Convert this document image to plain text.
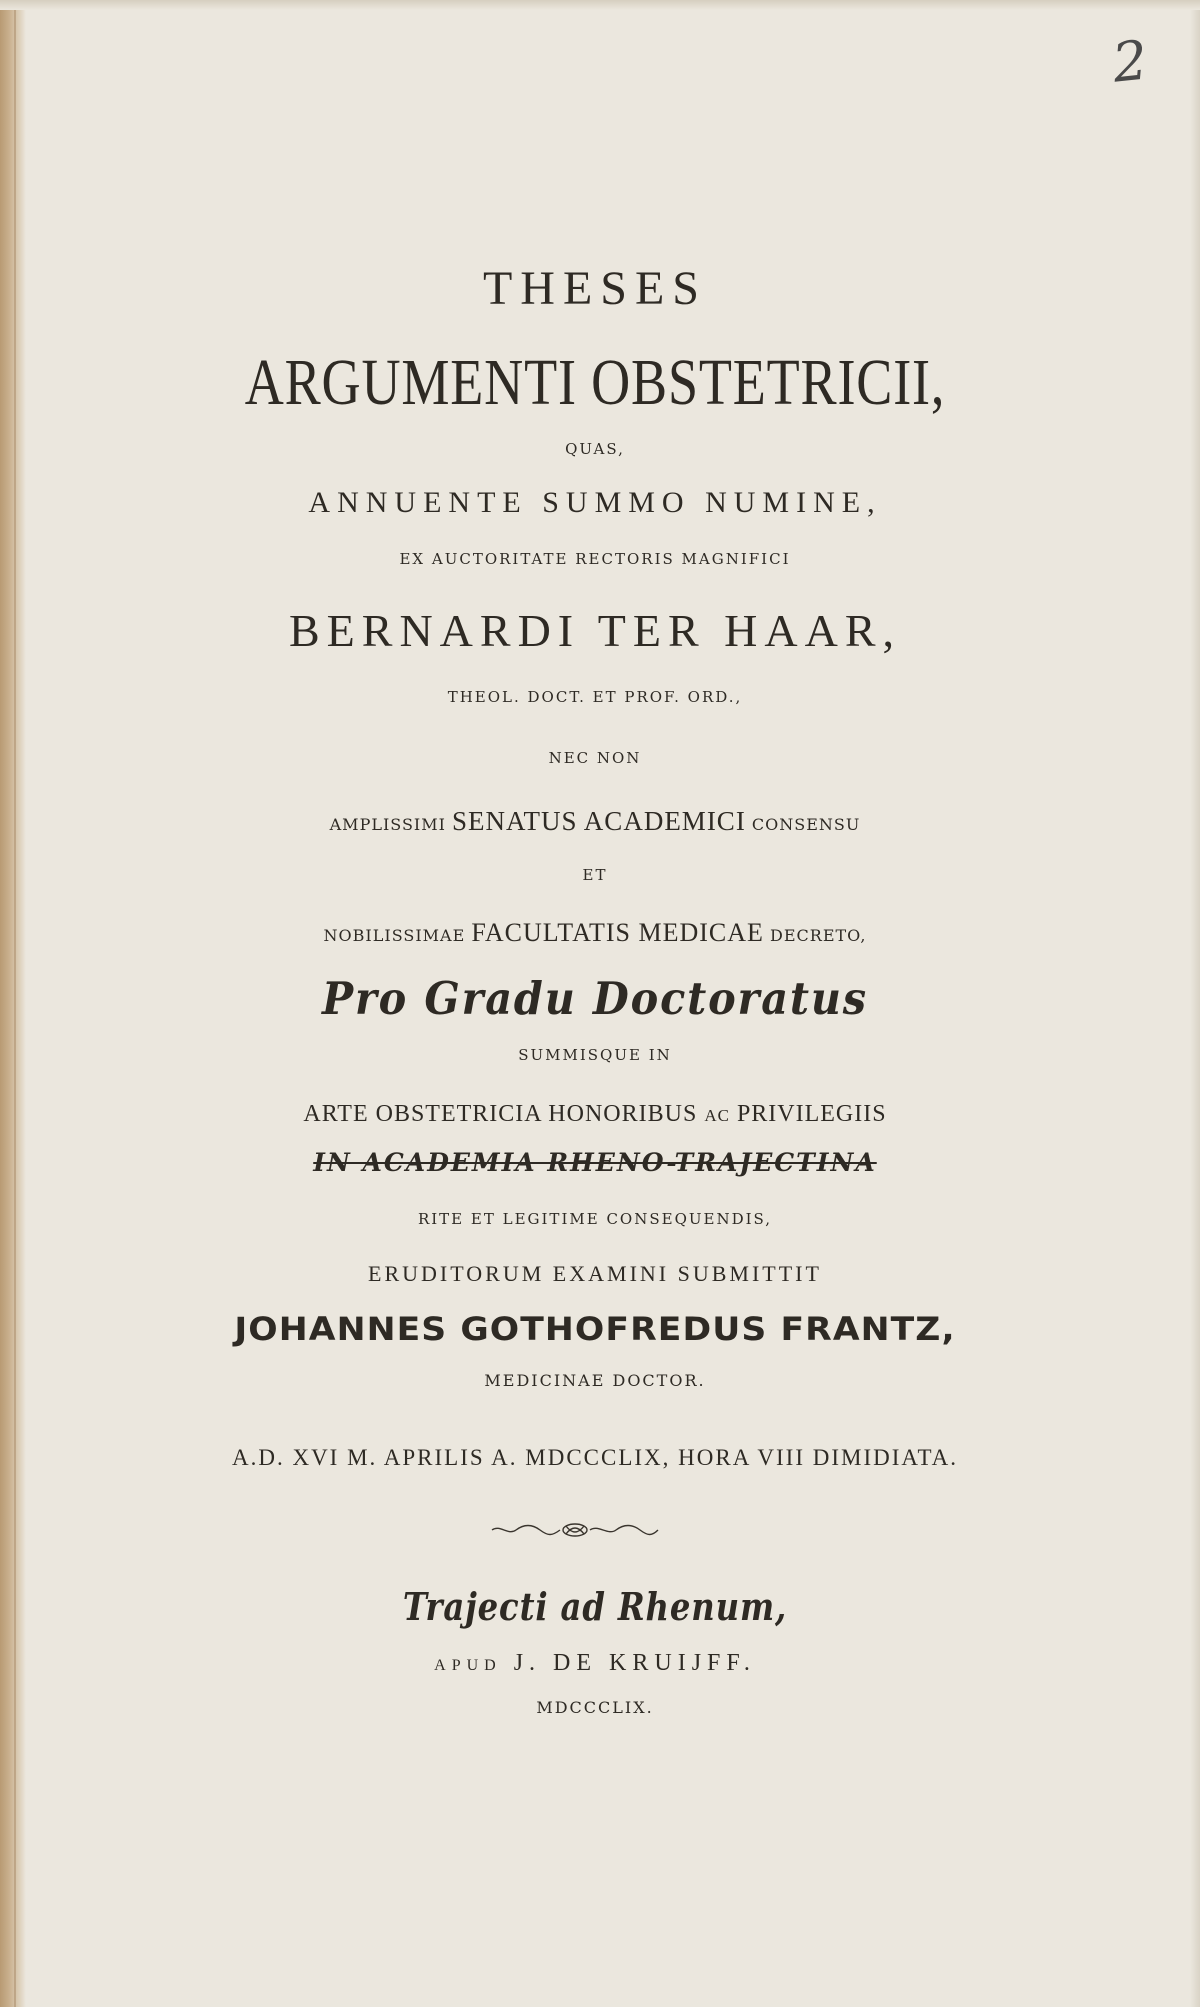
2
THESES
ARGUMENTI OBSTETRICII,
QUAS,
ANNUENTE SUMMO NUMINE,
EX AUCTORITATE RECTORIS MAGNIFICI
BERNARDI TER HAAR,
THEOL. DOCT. ET PROF. ORD.,
NEC NON
AMPLISSIMI SENATUS ACADEMICI CONSENSU
ET
NOBILISSIMAE FACULTATIS MEDICAE DECRETO,
Pro Gradu Doctoratus
SUMMISQUE IN
ARTE OBSTETRICIA HONORIBUS AC PRIVILEGIIS
IN ACADEMIA RHENO-TRAJECTINA
RITE ET LEGITIME CONSEQUENDIS,
ERUDITORUM EXAMINI SUBMITTIT
JOHANNES GOTHOFREDUS FRANTZ,
MEDICINAE DOCTOR.
A.D. XVI M. APRILIS A. MDCCCLIX, HORA VIII DIMIDIATA.
Trajecti ad Rhenum,
APUD J. DE KRUIJFF.
MDCCCLIX.
